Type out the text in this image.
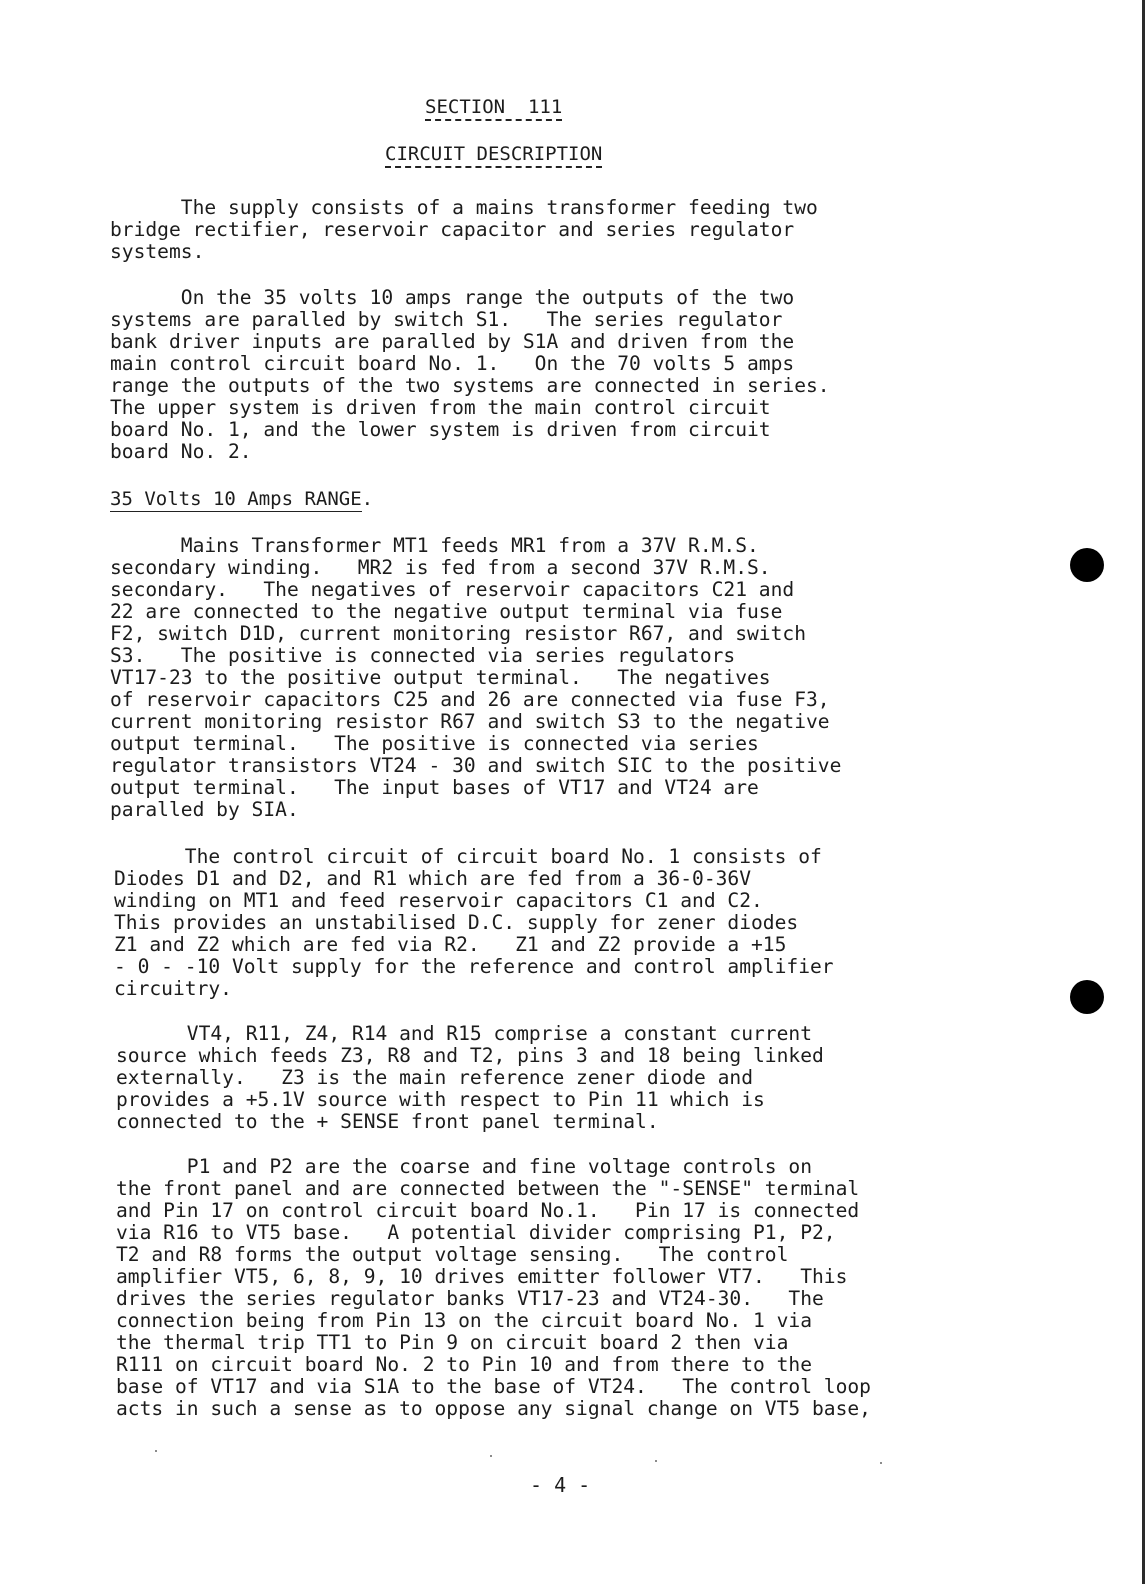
SECTION  111
CIRCUIT DESCRIPTION
The supply consists of a mains transformer feeding two
bridge rectifier, reservoir capacitor and series regulator
systems.
On the 35 volts 10 amps range the outputs of the two
systems are paralled by switch S1.   The series regulator
bank driver inputs are paralled by S1A and driven from the
main control circuit board No. 1.   On the 70 volts 5 amps
range the outputs of the two systems are connected in series.
The upper system is driven from the main control circuit
board No. 1, and the lower system is driven from circuit
board No. 2.
35 Volts 10 Amps RANGE.
Mains Transformer MT1 feeds MR1 from a 37V R.M.S.
secondary winding.   MR2 is fed from a second 37V R.M.S.
secondary.   The negatives of reservoir capacitors C21 and
22 are connected to the negative output terminal via fuse
F2, switch D1D, current monitoring resistor R67, and switch
S3.   The positive is connected via series regulators
VT17-23 to the positive output terminal.   The negatives
of reservoir capacitors C25 and 26 are connected via fuse F3,
current monitoring resistor R67 and switch S3 to the negative
output terminal.   The positive is connected via series
regulator transistors VT24 - 30 and switch SIC to the positive
output terminal.   The input bases of VT17 and VT24 are
paralled by SIA.
The control circuit of circuit board No. 1 consists of
Diodes D1 and D2, and R1 which are fed from a 36-0-36V
winding on MT1 and feed reservoir capacitors C1 and C2.
This provides an unstabilised D.C. supply for zener diodes
Z1 and Z2 which are fed via R2.   Z1 and Z2 provide a +15
- 0 - -10 Volt supply for the reference and control amplifier
circuitry.
VT4, R11, Z4, R14 and R15 comprise a constant current
source which feeds Z3, R8 and T2, pins 3 and 18 being linked
externally.   Z3 is the main reference zener diode and
provides a +5.1V source with respect to Pin 11 which is
connected to the + SENSE front panel terminal.
P1 and P2 are the coarse and fine voltage controls on
the front panel and are connected between the "-SENSE" terminal
and Pin 17 on control circuit board No.1.   Pin 17 is connected
via R16 to VT5 base.   A potential divider comprising P1, P2,
T2 and R8 forms the output voltage sensing.   The control
amplifier VT5, 6, 8, 9, 10 drives emitter follower VT7.   This
drives the series regulator banks VT17-23 and VT24-30.   The
connection being from Pin 13 on the circuit board No. 1 via
the thermal trip TT1 to Pin 9 on circuit board 2 then via
R111 on circuit board No. 2 to Pin 10 and from there to the
base of VT17 and via S1A to the base of VT24.   The control loop
acts in such a sense as to oppose any signal change on VT5 base,
- 4 -
